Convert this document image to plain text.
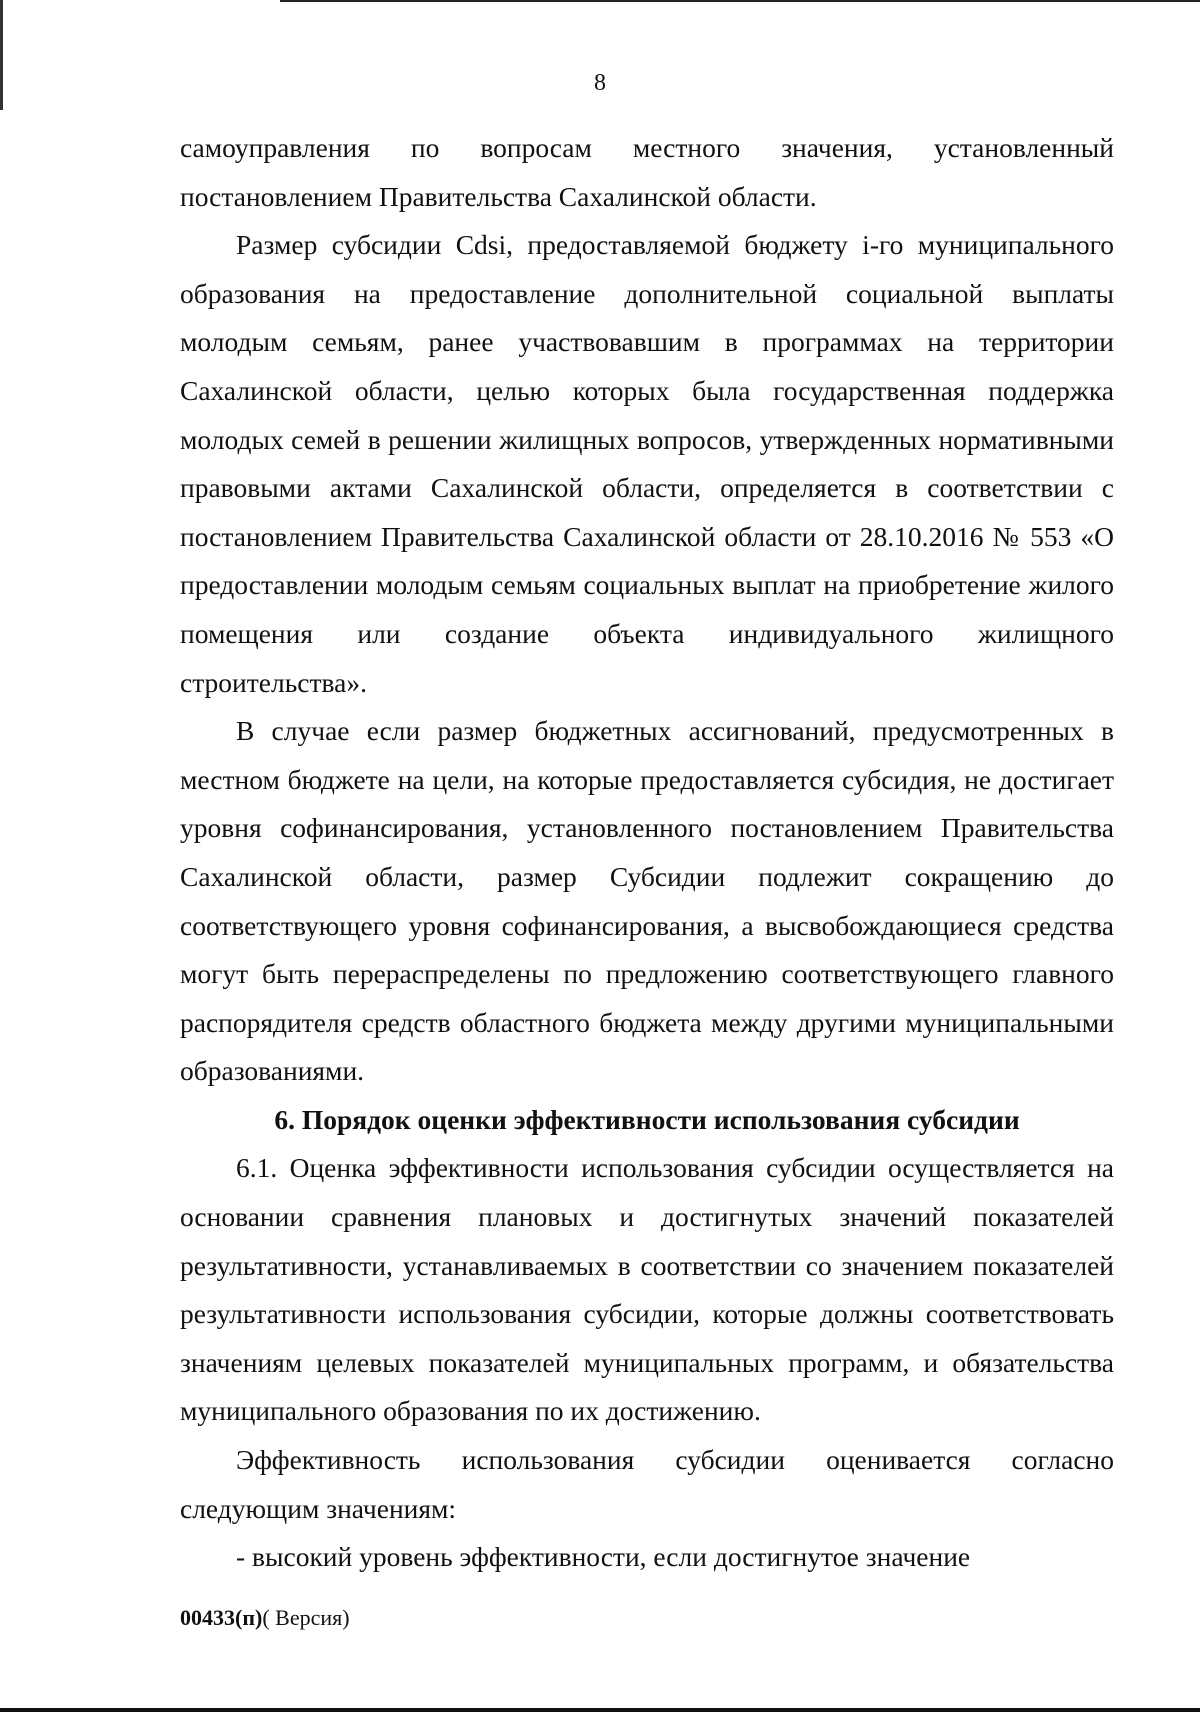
8

самоуправления по вопросам местного значения, установленный постановлением Правительства Сахалинской области.

Размер субсидии Cdsi, предоставляемой бюджету i-го муниципального образования на предоставление дополнительной социальной выплаты молодым семьям, ранее участвовавшим в программах на территории Сахалинской области, целью которых была государственная поддержка молодых семей в решении жилищных вопросов, утвержденных нормативными правовыми актами Сахалинской области, определяется в соответствии с постановлением Правительства Сахалинской области от 28.10.2016 № 553 «О предоставлении молодым семьям социальных выплат на приобретение жилого помещения или создание объекта индивидуального жилищного строительства».

В случае если размер бюджетных ассигнований, предусмотренных в местном бюджете на цели, на которые предоставляется субсидия, не достигает уровня софинансирования, установленного постановлением Правительства Сахалинской области, размер Субсидии подлежит сокращению до соответствующего уровня софинансирования, а высвобождающиеся средства могут быть перераспределены по предложению соответствующего главного распорядителя средств областного бюджета между другими муниципальными образованиями.

6. Порядок оценки эффективности использования субсидии

6.1. Оценка эффективности использования субсидии осуществляется на основании сравнения плановых и достигнутых значений показателей результативности, устанавливаемых в соответствии со значением показателей результативности использования субсидии, которые должны соответствовать значениям целевых показателей муниципальных программ, и обязательства муниципального образования по их достижению.

Эффективность использования субсидии оценивается согласно следующим значениям:

- высокий уровень эффективности, если достигнутое значение

00433(п)( Версия)
